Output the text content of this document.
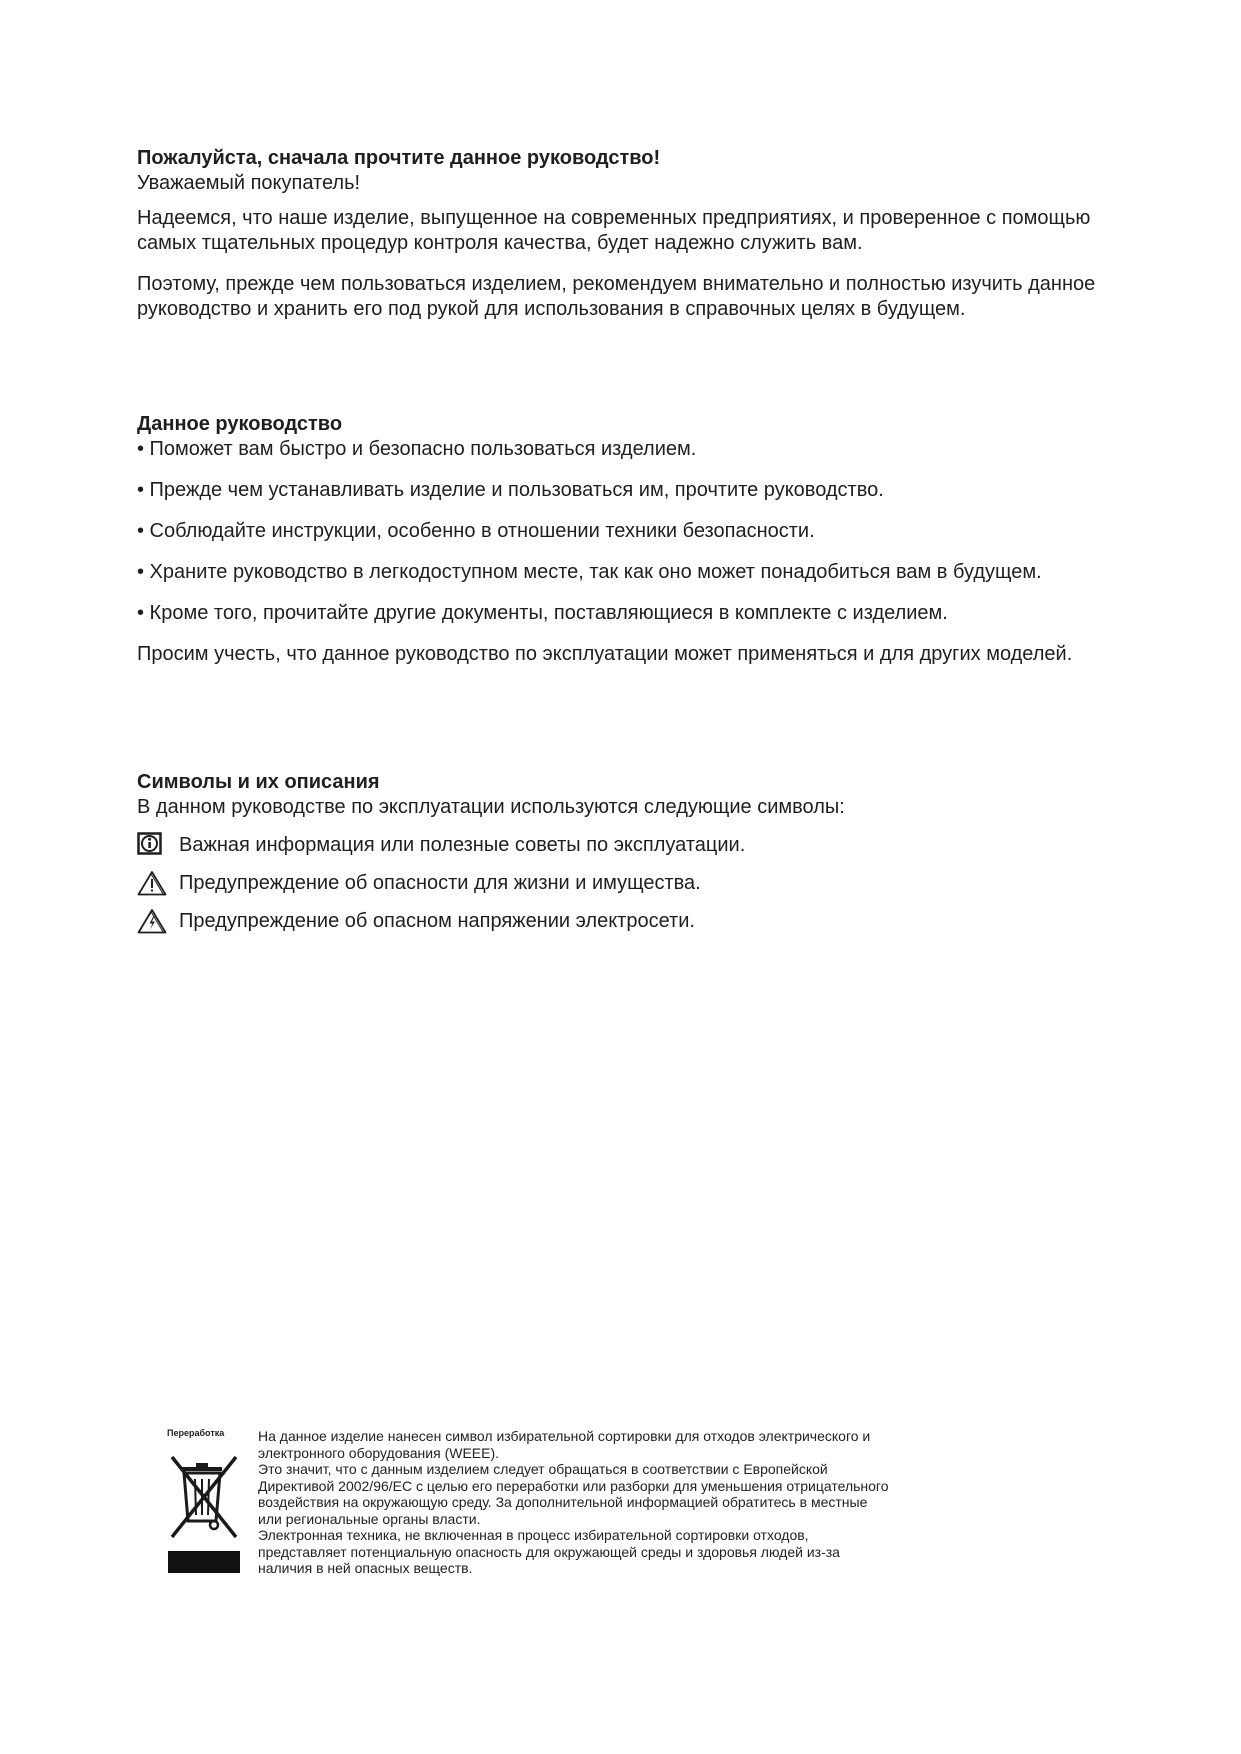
Пожалуйста, сначала прочтите данное руководство!

Уважаемый покупатель!

Надеемся, что наше изделие, выпущенное на современных предприятиях, и проверенное с помощью самых тщательных процедур контроля качества, будет надежно служить вам.

Поэтому, прежде чем пользоваться изделием, рекомендуем внимательно и полностью изучить данное руководство и хранить его под рукой для использования в справочных целях в будущем.

Данное руководство

• Поможет вам быстро и безопасно пользоваться изделием.

• Прежде чем устанавливать изделие и пользоваться им, прочтите руководство.

• Соблюдайте инструкции, особенно в отношении техники безопасности.

• Храните руководство в легкодоступном месте, так как оно может понадобиться вам в будущем.

• Кроме того, прочитайте другие документы, поставляющиеся в комплекте с изделием.

Просим учесть, что данное руководство по эксплуатации может применяться и для других моделей.

Символы и их описания

В данном руководстве по эксплуатации используются следующие символы:

Важная информация или полезные советы по эксплуатации.
Предупреждение об опасности для жизни и имущества.
Предупреждение об опасном напряжении электросети.
Переработка	На данное изделие нанесен символ избирательной сортировки для отходов электрического и
электронного оборудования (WEEE).
Это значит, что с данным изделием следует обращаться в соответствии с Европейской
Директивой 2002/96/EC с целью его переработки или разборки для уменьшения отрицательного
воздействия на окружающую среду. За дополнительной информацией обратитесь в местные
или региональные органы власти.
Электронная техника, не включенная в процесс избирательной сортировки отходов,
представляет потенциальную опасность для окружающей среды и здоровья людей из-за
наличия в ней опасных веществ.
